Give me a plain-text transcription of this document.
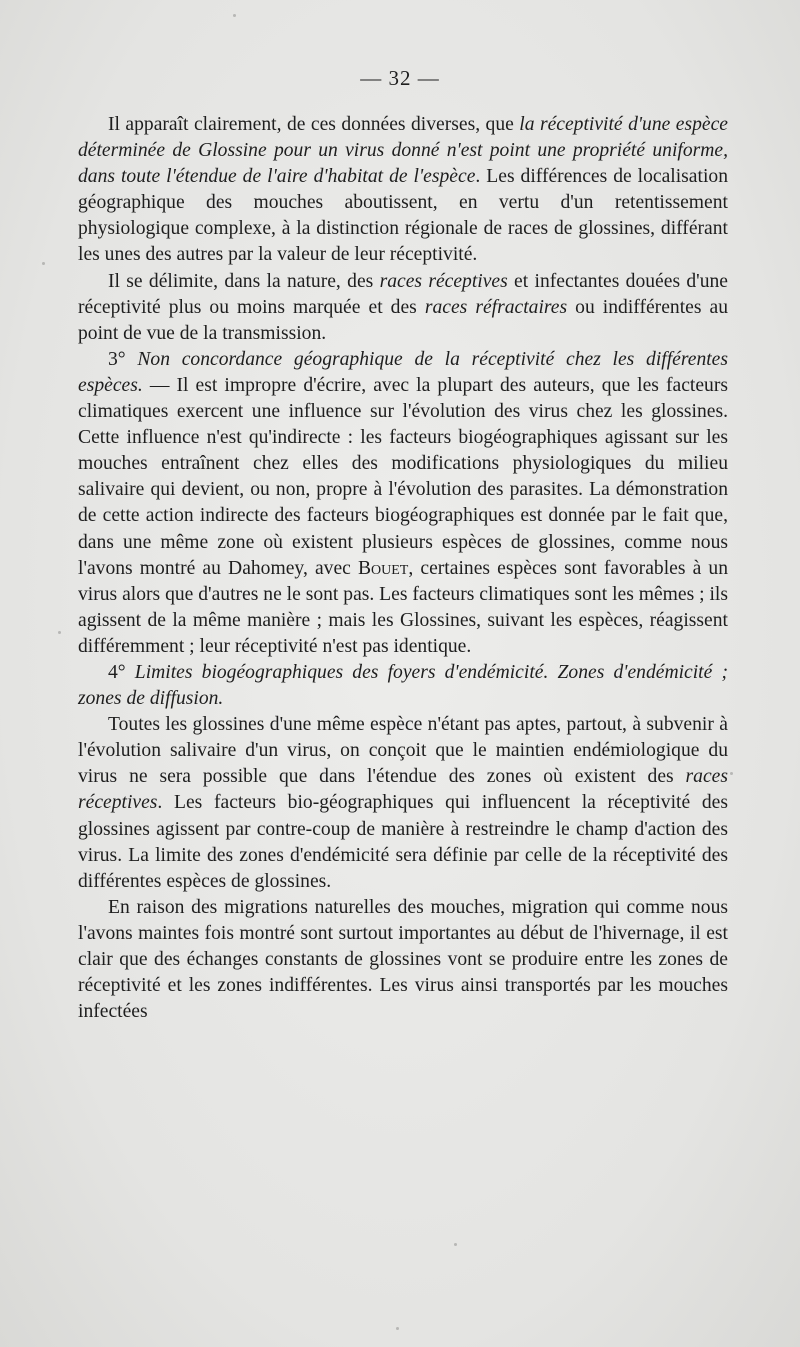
— 32 —

Il apparaît clairement, de ces données diverses, que la réceptivité d'une espèce déterminée de Glossine pour un virus donné n'est point une propriété uniforme, dans toute l'étendue de l'aire d'habitat de l'espèce. Les différences de localisation géographique des mouches aboutissent, en vertu d'un retentissement physiologique complexe, à la distinction régionale de races de glossines, différant les unes des autres par la valeur de leur réceptivité.

Il se délimite, dans la nature, des races réceptives et infectantes douées d'une réceptivité plus ou moins marquée et des races réfractaires ou indifférentes au point de vue de la transmission.

3° Non concordance géographique de la réceptivité chez les différentes espèces. — Il est impropre d'écrire, avec la plupart des auteurs, que les facteurs climatiques exercent une influence sur l'évolution des virus chez les glossines. Cette influence n'est qu'indirecte : les facteurs biogéographiques agissant sur les mouches entraînent chez elles des modifications physiologiques du milieu salivaire qui devient, ou non, propre à l'évolution des parasites. La démonstration de cette action indirecte des facteurs biogéographiques est donnée par le fait que, dans une même zone où existent plusieurs espèces de glossines, comme nous l'avons montré au Dahomey, avec Bouet, certaines espèces sont favorables à un virus alors que d'autres ne le sont pas. Les facteurs climatiques sont les mêmes ; ils agissent de la même manière ; mais les Glossines, suivant les espèces, réagissent différemment ; leur réceptivité n'est pas identique.

4° Limites biogéographiques des foyers d'endémicité. Zones d'endémicité ; zones de diffusion.

Toutes les glossines d'une même espèce n'étant pas aptes, partout, à subvenir à l'évolution salivaire d'un virus, on conçoit que le maintien endémiologique du virus ne sera possible que dans l'étendue des zones où existent des races réceptives. Les facteurs bio-géographiques qui influencent la réceptivité des glossines agissent par contre-coup de manière à restreindre le champ d'action des virus. La limite des zones d'endémicité sera définie par celle de la réceptivité des différentes espèces de glossines.

En raison des migrations naturelles des mouches, migration qui comme nous l'avons maintes fois montré sont surtout importantes au début de l'hivernage, il est clair que des échanges constants de glossines vont se produire entre les zones de réceptivité et les zones indifférentes. Les virus ainsi transportés par les mouches infectées
